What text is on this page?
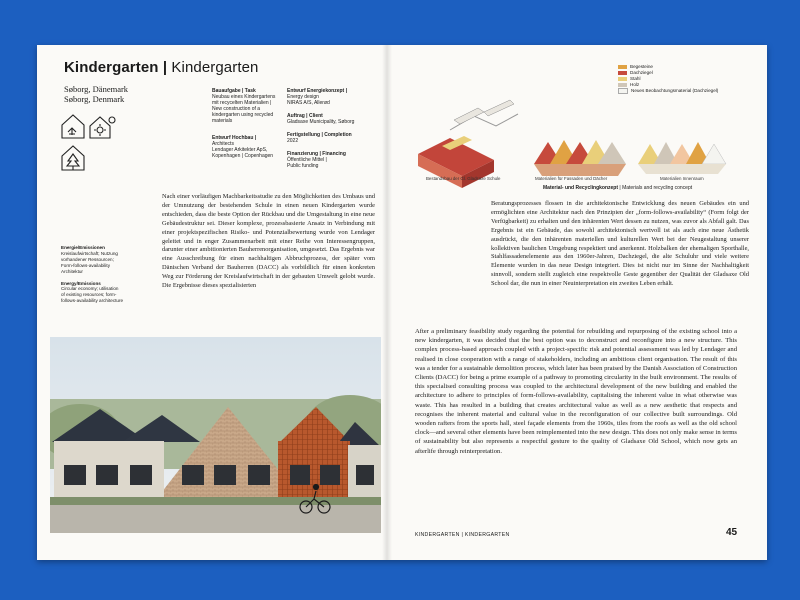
Kindergarten | Kindergarten
Søborg, Dänemark
Søborg, Denmark
Bauaufgabe | Task
Neubau eines Kindergartens
mit recycelten Materialien |
New construction of a
kindergarten using recycled
materials
Entwurf Hochbau |
Architects
Lendager Arkitekter ApS,
Kopenhagen | Copenhagen
Entwurf Energiekonzept |
Energy design
NIRAS A/S, Allerød
Auftrag | Client
Gladsaxe Municipality, Søborg
Fertigstellung | Completion
2022
Finanzierung | Financing
Öffentliche Mittel |
Public funding
Nach einer vorläufigen Machbarkeitsstudie zu den Möglichkeiten des Umbaus und der Umnutzung der bestehenden Schule in einen neuen Kindergarten wurde entschieden, dass die beste Option der Rückbau und die Umgestaltung in eine neue Gebäudestruktur sei. Dieser komplexe, prozessbasierte Ansatz in Verbindung mit einer projektspezifischen Risiko- und Potenzialbewertung wurde von Lendager geleitet und in enger Zusammenarbeit mit einer Reihe von Interessengruppen, darunter einer ambitionierten Bauherrenorganisation, umgesetzt. Das Ergebnis war eine Ausschreibung für einen nachhaltigen Abbruchprozess, der später vom Dänischen Verband der Bauherren (DACC) als vorbildlich für einen konkreten Weg zur Förderung der Kreislaufwirtschaft in der gebauten Umwelt gelobt wurde. Die Ergebnisse dieses spezialisierten
Energie/Emissionen
Kreislaufwirtschaft; Nutzung
vorhandener Ressourcen;
Form-follows-availability
Architektur
Energy/Emissions
Circular economy; utilisation
of existing resources; form-
follows-availability architecture
Begesteine
Dachziegel
Stahl
Holz
Neues Beobachtungsmaterial (Dachziegel)
Bestandsbau der Gl. Gladsaxe Schule	Materialien für Fassaden und Dächer	Materialien Innenraum
Material- und Recyclingkonzept | Materials and recycling concept
Beratungsprozesses flossen in die architektonische Entwicklung des neuen Gebäudes ein und ermöglichten eine Architektur nach den Prinzipien der „form-follows-availability“ (Form folgt der Verfügbarkeit) zu erhalten und den inhärenten Wert dessen zu nutzen, was zuvor als Abfall galt. Das Ergebnis ist ein Gebäude, das sowohl architektonisch wertvoll ist als auch eine neue Ästhetik ausdrückt, die den inhärenten materiellen und kulturellen Wert bei der Neugestaltung unserer kollektiven baulichen Umgebung respektiert und anerkennt. Holzbalken der ehemaligen Sporthalle, Stahlfassadenelemente aus den 1960er-Jahren, Dachziegel, die alte Schuluhr und viele weitere Elemente wurden in das neue Design integriert. Dies ist nicht nur im Sinne der Nachhaltigkeit sinnvoll, sondern stellt zugleich eine respektvolle Geste gegenüber der Qualität der Gladsaxe Old School dar, die nun in einer Neuinterpretation ein zweites Leben erhält.
After a preliminary feasibility study regarding the potential for rebuilding and repurposing of the existing school into a new kindergarten, it was decided that the best option was to deconstruct and reconfigure into a new structure. This complex process-based approach coupled with a project-specific risk and potential assessment was led by Lendager and realised in close cooperation with a range of stakeholders, including an ambitious client organisation. The result of this was a tender for a sustainable demolition process, which later has been praised by the Danish Association of Construction Clients (DACC) for being a prime example of a pathway to promoting circularity in the built environment. The results of this specialised consulting process was coupled to the architectural development of the new building and enabled the architecture to adhere to principles of form-follows-availability, capitalising the inherent value in what otherwise was waste. This has resulted in a building that creates architectural value as well as a new aesthetic that respects and recognises the inherent material and cultural value in the reconfiguration of our collective built surroundings. Old wooden rafters from the sports hall, steel façade elements from the 1960s, tiles from the roofs as well as the old school clock—and several other elements have been reimplemented into the new design. This does not only make sense in terms of sustainability but also represents a respectful gesture to the quality of Gladsaxe Old School, which now gets an afterlife through reinterpretation.
KINDERGARTEN | KINDERGARTEN	45
